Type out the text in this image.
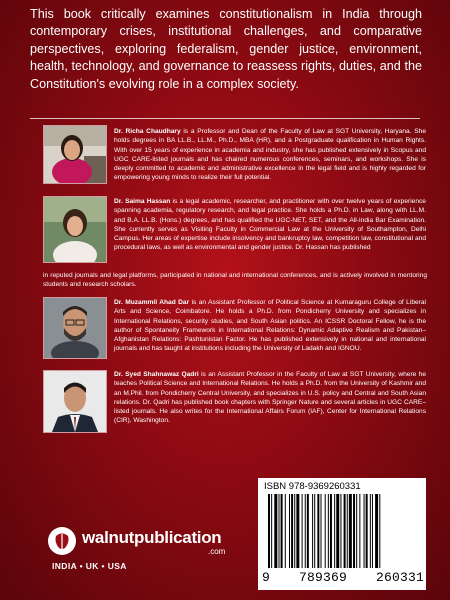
This book critically examines constitutionalism in India through contemporary crises, institutional challenges, and comparative perspectives, exploring federalism, gender justice, environment, health, technology, and governance to reassess rights, duties, and the Constitution's evolving role in a complex society.

Dr. Richa Chaudhary is a Professor and Dean of the Faculty of Law at SGT University, Haryana. She holds degrees in BA LL.B., LL.M., Ph.D., MBA (HR), and a Postgraduate qualification in Human Rights. With over 15 years of experience in academia and industry, she has published extensively in Scopus and UGC CARE-listed journals and has chaired numerous conferences, seminars, and workshops. She is deeply committed to academic and administrative excellence in the legal field and is highly regarded for empowering young minds to realize their full potential.

Dr. Saima Hassan is a legal academic, researcher, and practitioner with over twelve years of experience spanning academia, regulatory research, and legal practice. She holds a Ph.D. in Law, along with LL.M. and B.A. LL.B. (Hons.) degrees, and has qualified the UGC-NET, SET, and the All-India Bar Examination. She currently serves as Visiting Faculty in Commercial Law at the University of Southampton, Delhi Campus. Her areas of expertise include insolvency and bankruptcy law, competition law, constitutional and procedural laws, as well as environmental and gender justice. Dr. Hassan has published

in reputed journals and legal platforms, participated in national and international conferences, and is actively involved in mentoring students and research scholars.

Dr. Muzammil Ahad Dar is an Assistant Professor of Political Science at Kumaraguru College of Liberal Arts and Science, Coimbatore. He holds a Ph.D. from Pondicherry University and specializes in International Relations, security studies, and South Asian politics. An ICSSR Doctoral Fellow, he is the author of Spontaneity Framework in International Relations: Dynamic Adaptive Realism and Pakistan–Afghanistan Relations: Pashtunistan Factor. He has published extensively in national and international journals and has taught at institutions including the University of Ladakh and IGNOU.

Dr. Syed Shahnawaz Qadri is an Assistant Professor in the Faculty of Law at SGT University, where he teaches Political Science and International Relations. He holds a Ph.D. from the University of Kashmir and an M.Phil. from Pondicherry Central University, and specializes in U.S. policy and Central and South Asian relations. Dr. Qadri has published book chapters with Springer Nature and several articles in UGC CARE–listed journals. He also writes for the International Affairs Forum (IAF), Center for International Relations (CIR), Washington.

walnutpublication
.com
INDIA • UK • USA
ISBN 978-9369260331
9 789369 260331
